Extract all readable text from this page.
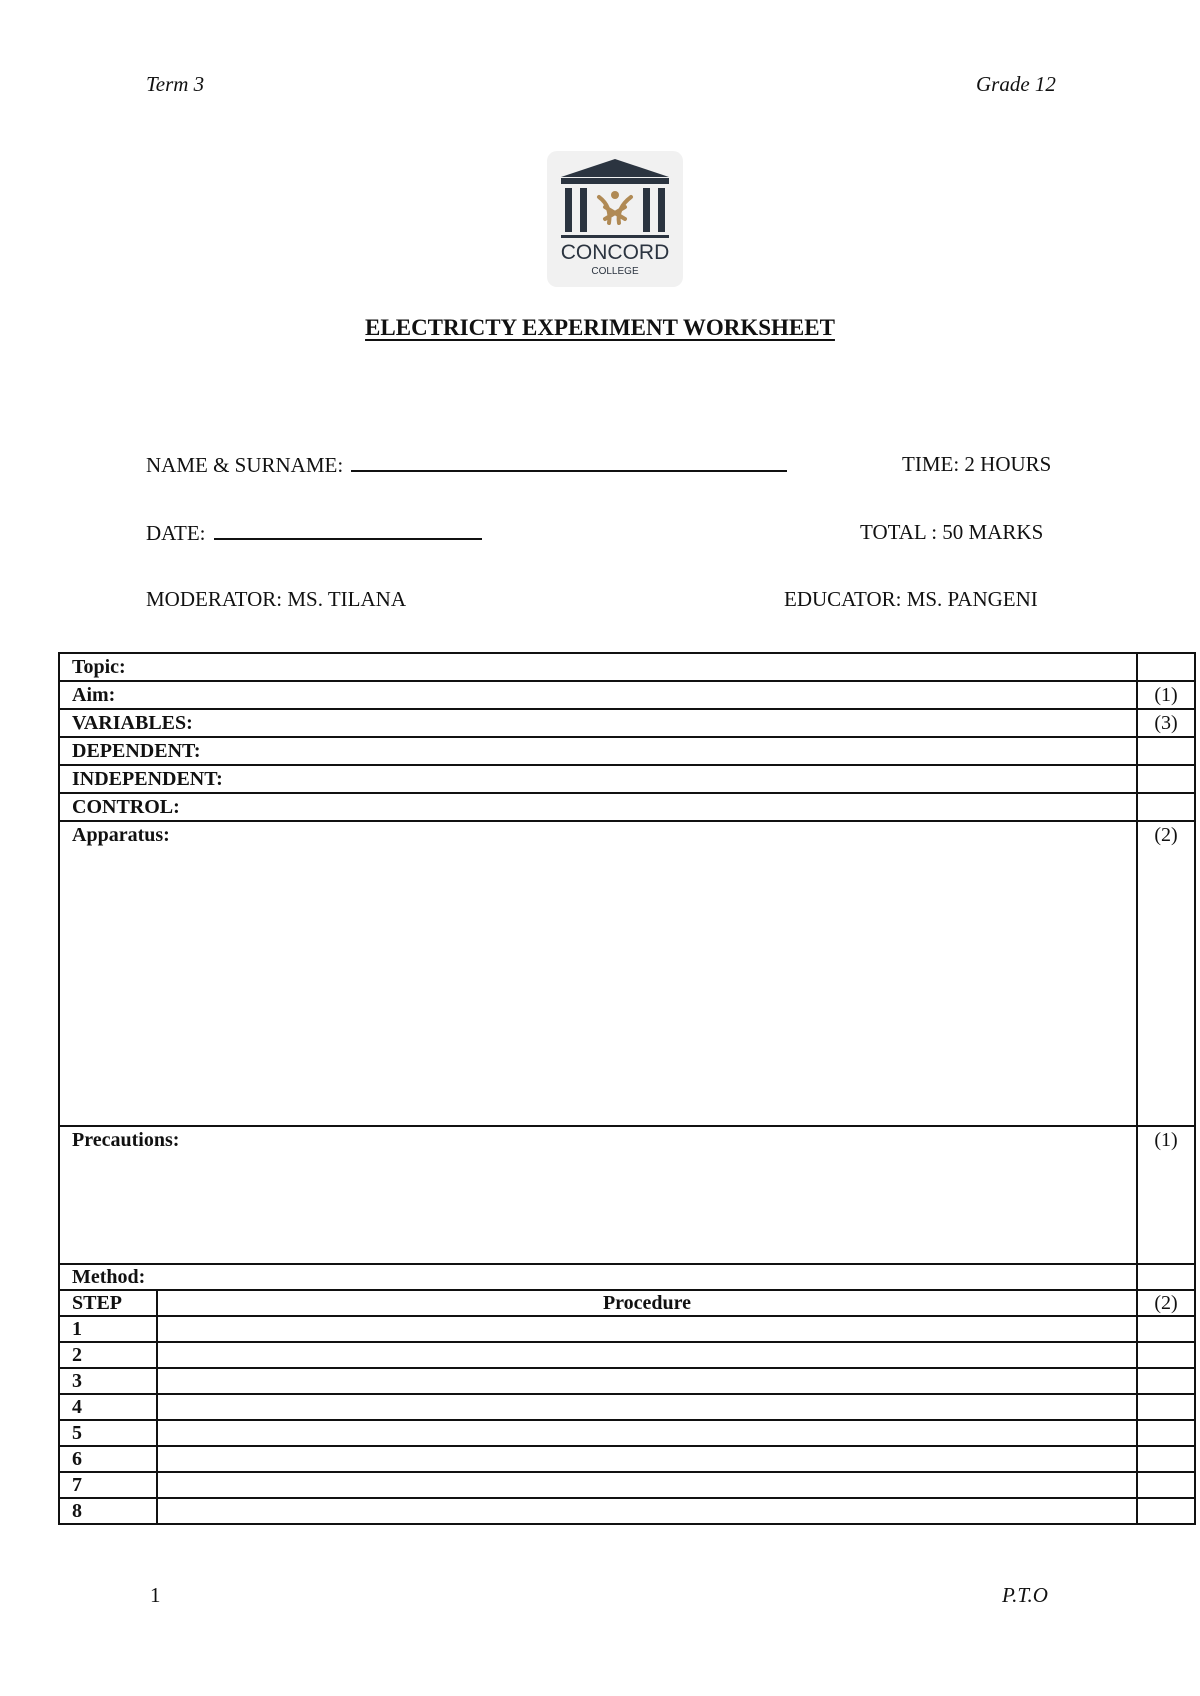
Term 3	Grade 12
CONCORD
COLLEGE
ELECTRICTY EXPERIMENT WORKSHEET
NAME & SURNAME:	TIME: 2 HOURS
DATE:	TOTAL : 50 MARKS
MODERATOR: MS. TILANA	EDUCATOR: MS. PANGENI
Topic:		
Aim:		(1)
VARIABLES:		(3)
DEPENDENT:		
INDEPENDENT:		
CONTROL:		
Apparatus:		(2)
Precautions:		(1)
Method:		
STEP	Procedure	(2)
1		
2		
3		
4		
5		
6		
7		
8		
1	P.T.O
